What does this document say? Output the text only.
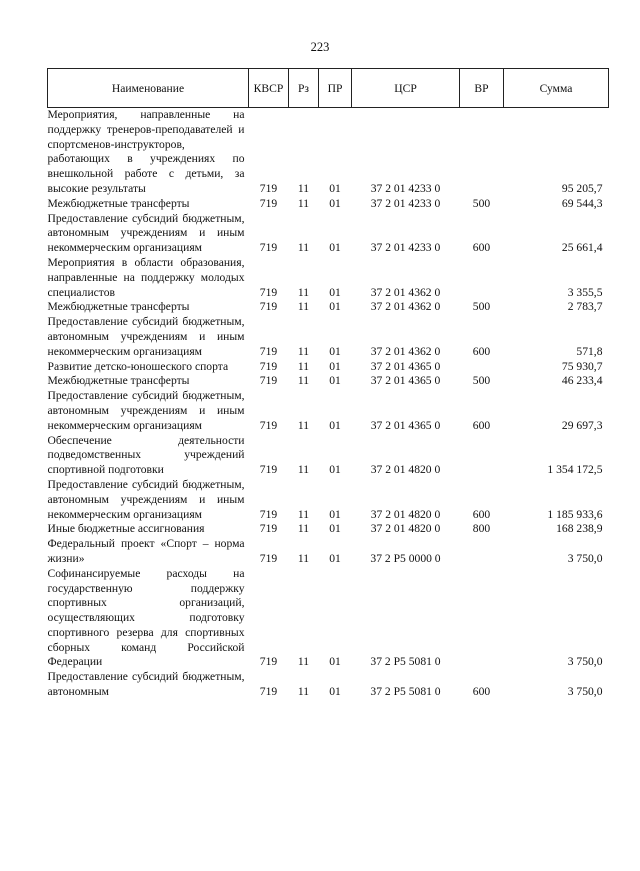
223
Наименование	КВСР	Рз	ПР	ЦСР	ВР	Сумма
Мероприятия, направленные на поддержку тренеров-преподавателей и спортсменов-инструкторов, работающих в учреждениях по внешкольной работе с детьми, за высокие результаты	719	11	01	37 2 01 4233 0		95 205,7
Межбюджетные трансферты	719	11	01	37 2 01 4233 0	500	69 544,3
Предоставление субсидий бюджетным, автономным учреждениям и иным некоммерческим организациям	719	11	01	37 2 01 4233 0	600	25 661,4
Мероприятия в области образования, направленные на поддержку молодых специалистов	719	11	01	37 2 01 4362 0		3 355,5
Межбюджетные трансферты	719	11	01	37 2 01 4362 0	500	2 783,7
Предоставление субсидий бюджетным, автономным учреждениям и иным некоммерческим организациям	719	11	01	37 2 01 4362 0	600	571,8
Развитие детско-юношеского спорта	719	11	01	37 2 01 4365 0		75 930,7
Межбюджетные трансферты	719	11	01	37 2 01 4365 0	500	46 233,4
Предоставление субсидий бюджетным, автономным учреждениям и иным некоммерческим организациям	719	11	01	37 2 01 4365 0	600	29 697,3
Обеспечение деятельности подведомственных учреждений спортивной подготовки	719	11	01	37 2 01 4820 0		1 354 172,5
Предоставление субсидий бюджетным, автономным учреждениям и иным некоммерческим организациям	719	11	01	37 2 01 4820 0	600	1 185 933,6
Иные бюджетные ассигнования	719	11	01	37 2 01 4820 0	800	168 238,9
Федеральный проект «Спорт – норма жизни»	719	11	01	37 2 P5 0000 0		3 750,0
Софинансируемые расходы на государственную поддержку спортивных организаций, осуществляющих подготовку спортивного резерва для спортивных сборных команд Российской Федерации	719	11	01	37 2 P5 5081 0		3 750,0
Предоставление субсидий бюджетным, автономным	719	11	01	37 2 P5 5081 0	600	3 750,0
